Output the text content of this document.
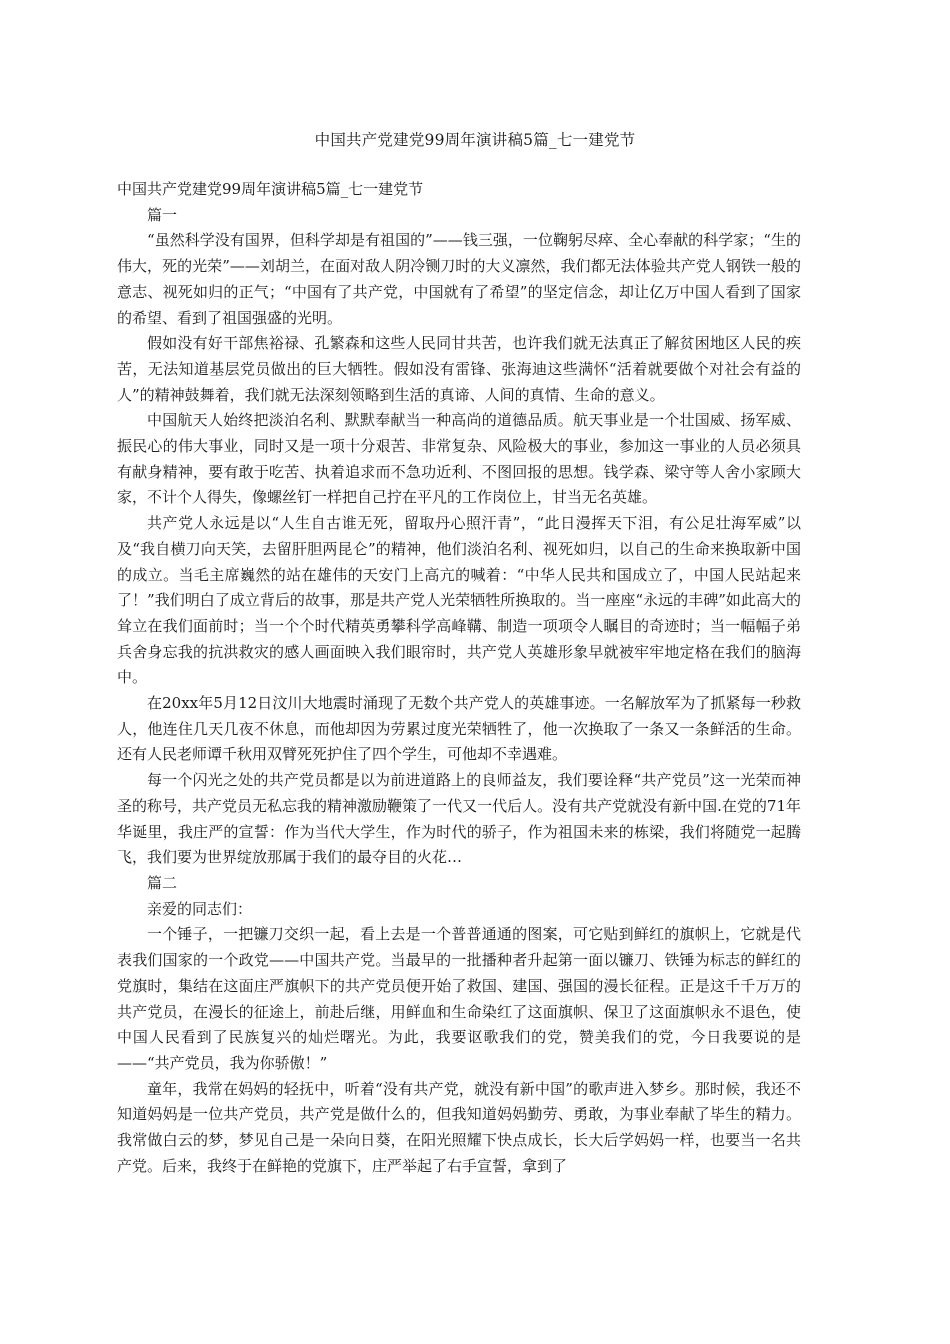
中国共产党建党99周年演讲稿5篇_七一建党节

中国共产党建党99周年演讲稿5篇_七一建党节

篇一

“虽然科学没有国界，但科学却是有祖国的”——钱三强，一位鞠躬尽瘁、全心奉献的科学家；“生的伟大，死的光荣”——刘胡兰，在面对敌人阴冷铡刀时的大义凛然，我们都无法体验共产党人钢铁一般的意志、视死如归的正气；“中国有了共产党，中国就有了希望”的坚定信念，却让亿万中国人看到了国家的希望、看到了祖国强盛的光明。

假如没有好干部焦裕禄、孔繁森和这些人民同甘共苦，也许我们就无法真正了解贫困地区人民的疾苦，无法知道基层党员做出的巨大牺牲。假如没有雷锋、张海迪这些满怀“活着就要做个对社会有益的人”的精神鼓舞着，我们就无法深刻领略到生活的真谛、人间的真情、生命的意义。

中国航天人始终把淡泊名利、默默奉献当一种高尚的道德品质。航天事业是一个壮国威、扬军威、振民心的伟大事业，同时又是一项十分艰苦、非常复杂、风险极大的事业，参加这一事业的人员必须具有献身精神，要有敢于吃苦、执着追求而不急功近利、不图回报的思想。钱学森、梁守等人舍小家顾大家，不计个人得失，像螺丝钉一样把自己拧在平凡的工作岗位上，甘当无名英雄。

共产党人永远是以“人生自古谁无死，留取丹心照汗青”，“此日漫挥天下泪，有公足壮海军威”以及“我自横刀向天笑，去留肝胆两昆仑”的精神，他们淡泊名利、视死如归，以自己的生命来换取新中国的成立。当毛主席巍然的站在雄伟的天安门上高亢的喊着：“中华人民共和国成立了，中国人民站起来了！”我们明白了成立背后的故事，那是共产党人光荣牺牲所换取的。当一座座“永远的丰碑”如此高大的耸立在我们面前时；当一个个时代精英勇攀科学高峰鞲、制造一项项令人瞩目的奇迹时；当一幅幅子弟兵舍身忘我的抗洪救灾的感人画面映入我们眼帘时，共产党人英雄形象早就被牢牢地定格在我们的脑海中。

在20xx年5月12日汶川大地震时涌现了无数个共产党人的英雄事迹。一名解放军为了抓紧每一秒救人，他连住几天几夜不休息，而他却因为劳累过度光荣牺牲了，他一次换取了一条又一条鲜活的生命。还有人民老师谭千秋用双臂死死护住了四个学生，可他却不幸遇难。

每一个闪光之处的共产党员都是以为前进道路上的良师益友，我们要诠释“共产党员”这一光荣而神圣的称号，共产党员无私忘我的精神激励鞭策了一代又一代后人。没有共产党就没有新中国.在党的71年华诞里，我庄严的宣誓：作为当代大学生，作为时代的骄子，作为祖国未来的栋梁，我们将随党一起腾飞，我们要为世界绽放那属于我们的最夺目的火花…

篇二

亲爱的同志们：

一个锤子，一把镰刀交织一起，看上去是一个普普通通的图案，可它贴到鲜红的旗帜上，它就是代表我们国家的一个政党——中国共产党。当最早的一批播种者升起第一面以镰刀、铁锤为标志的鲜红的党旗时，集结在这面庄严旗帜下的共产党员便开始了救国、建国、强国的漫长征程。正是这千千万万的共产党员，在漫长的征途上，前赴后继，用鲜血和生命染红了这面旗帜、保卫了这面旗帜永不退色，使中国人民看到了民族复兴的灿烂曙光。为此，我要讴歌我们的党，赞美我们的党，今日我要说的是——“共产党员，我为你骄傲！”

童年，我常在妈妈的轻抚中，听着“没有共产党，就没有新中国”的歌声进入梦乡。那时候，我还不知道妈妈是一位共产党员，共产党是做什么的，但我知道妈妈勤劳、勇敢，为事业奉献了毕生的精力。我常做白云的梦，梦见自己是一朵向日葵，在阳光照耀下快点成长，长大后学妈妈一样，也要当一名共产党。后来，我终于在鲜艳的党旗下，庄严举起了右手宣誓，拿到了
